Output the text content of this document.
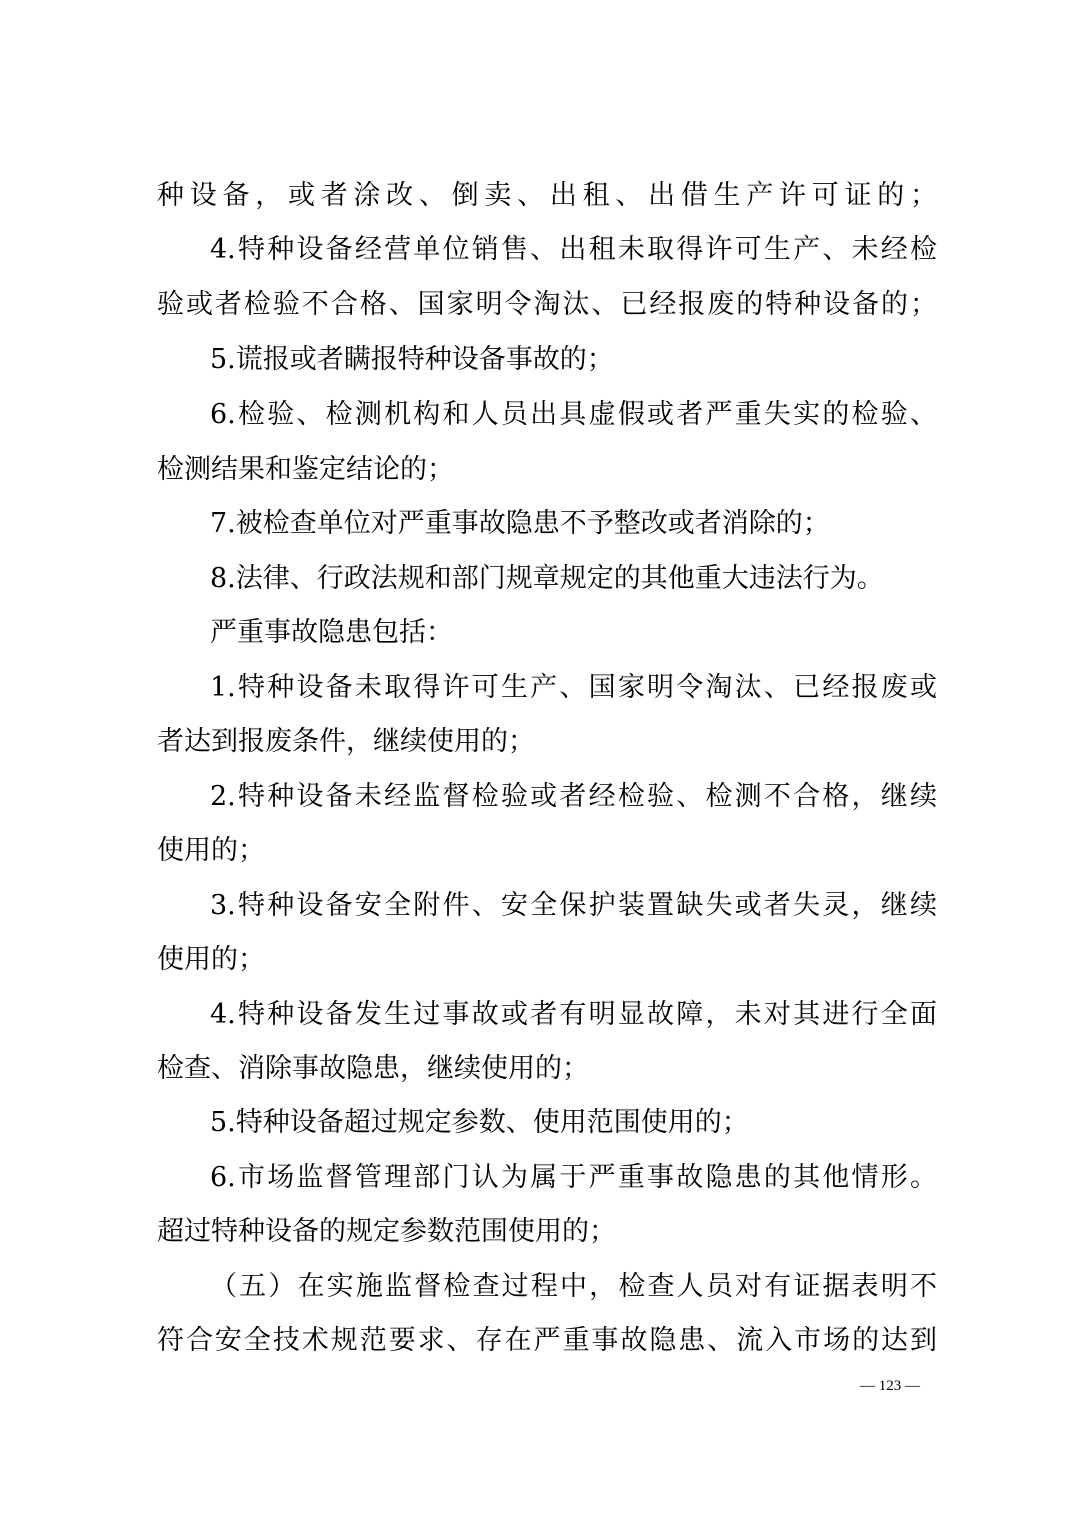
种设备，或者涂改、倒卖、出租、出借生产许可证的；
4.特种设备经营单位销售、出租未取得许可生产、未经检
验或者检验不合格、国家明令淘汰、已经报废的特种设备的；
5.谎报或者瞒报特种设备事故的；
6.检验、检测机构和人员出具虚假或者严重失实的检验、
检测结果和鉴定结论的；
7.被检查单位对严重事故隐患不予整改或者消除的；
8.法律、行政法规和部门规章规定的其他重大违法行为。
严重事故隐患包括：
1.特种设备未取得许可生产、国家明令淘汰、已经报废或
者达到报废条件，继续使用的；
2.特种设备未经监督检验或者经检验、检测不合格，继续
使用的；
3.特种设备安全附件、安全保护装置缺失或者失灵，继续
使用的；
4.特种设备发生过事故或者有明显故障，未对其进行全面
检查、消除事故隐患，继续使用的；
5.特种设备超过规定参数、使用范围使用的；
6.市场监督管理部门认为属于严重事故隐患的其他情形。
超过特种设备的规定参数范围使用的；
（五）在实施监督检查过程中，检查人员对有证据表明不
符合安全技术规范要求、存在严重事故隐患、流入市场的达到
— 123 —
